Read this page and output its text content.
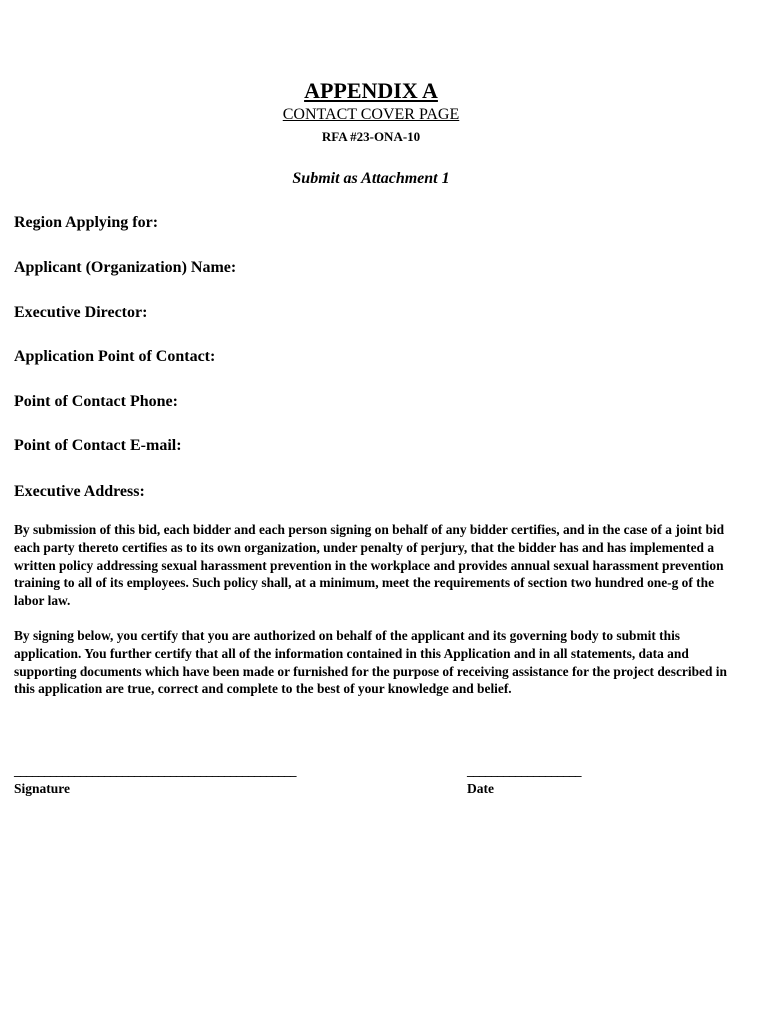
APPENDIX A
CONTACT COVER PAGE
RFA #23-ONA-10
Submit as Attachment 1
Region Applying for:
Applicant (Organization) Name:
Executive Director:
Application Point of Contact:
Point of Contact Phone:
Point of Contact E-mail:
Executive Address:
By submission of this bid, each bidder and each person signing on behalf of any bidder certifies, and in the case of a joint bid each party thereto certifies as to its own organization, under penalty of perjury, that the bidder has and has implemented a written policy addressing sexual harassment prevention in the workplace and provides annual sexual harassment prevention training to all of its employees. Such policy shall, at a minimum, meet the requirements of section two hundred one-g of the labor law.
By signing below, you certify that you are authorized on behalf of the applicant and its governing body to submit this application. You further certify that all of the information contained in this Application and in all statements, data and supporting documents which have been made or furnished for the purpose of receiving assistance for the project described in this application are true, correct and complete to the best of your knowledge and belief.
_______________________________________________
Signature
___________________
Date
